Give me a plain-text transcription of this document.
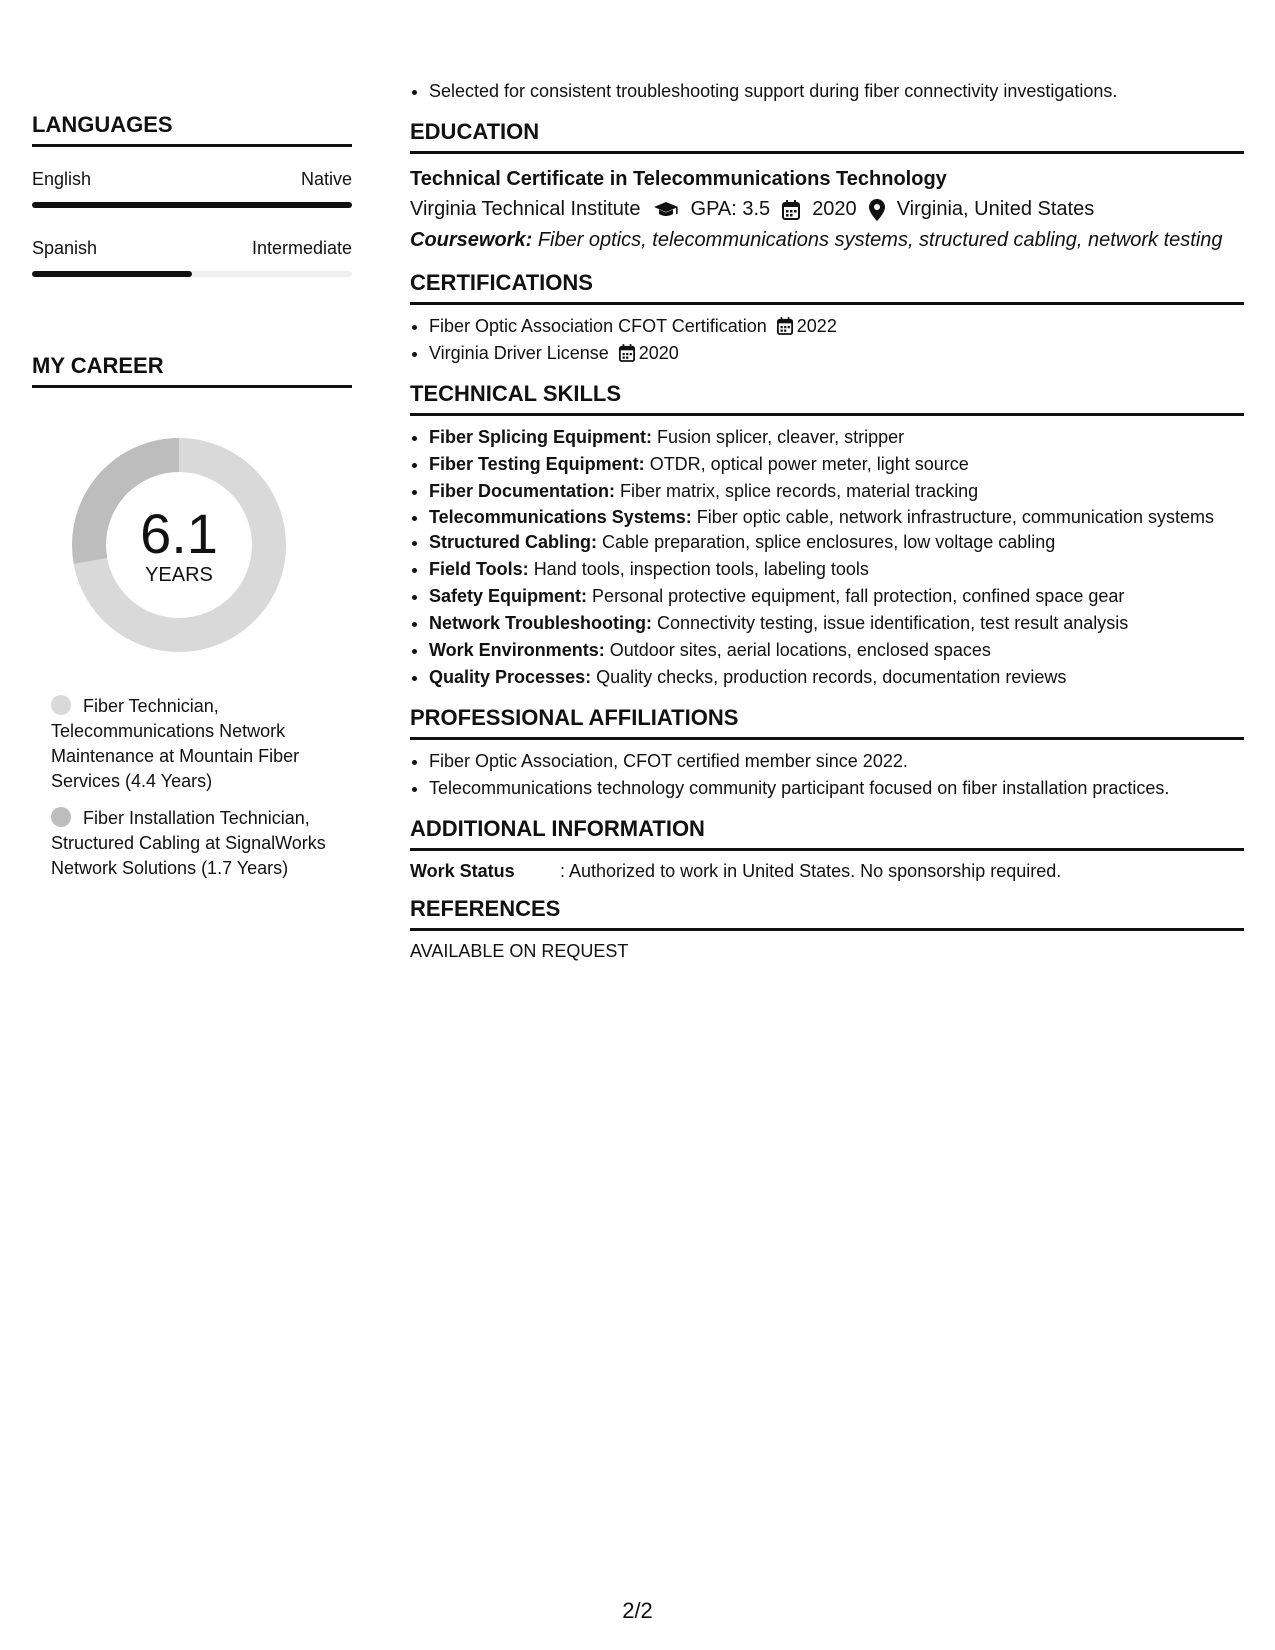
LANGUAGES
English	Native
Spanish	Intermediate
MY CAREER
6.1
YEARS
Fiber Technician, Telecommunications Network Maintenance at Mountain Fiber Services (4.4 Years)
Fiber Installation Technician, Structured Cabling at SignalWorks Network Solutions (1.7 Years)
• Selected for consistent troubleshooting support during fiber connectivity investigations.
EDUCATION
Technical Certificate in Telecommunications Technology
Virginia Technical Institute	GPA: 3.5 2020 Virginia, United States
Coursework: Fiber optics, telecommunications systems, structured cabling, network testing
CERTIFICATIONS
• Fiber Optic Association CFOT Certification 2022
• Virginia Driver License 2020
TECHNICAL SKILLS
• Fiber Splicing Equipment: Fusion splicer, cleaver, stripper
• Fiber Testing Equipment: OTDR, optical power meter, light source
• Fiber Documentation: Fiber matrix, splice records, material tracking
• Telecommunications Systems: Fiber optic cable, network infrastructure, communication systems
• Structured Cabling: Cable preparation, splice enclosures, low voltage cabling
• Field Tools: Hand tools, inspection tools, labeling tools
• Safety Equipment: Personal protective equipment, fall protection, confined space gear
• Network Troubleshooting: Connectivity testing, issue identification, test result analysis
• Work Environments: Outdoor sites, aerial locations, enclosed spaces
• Quality Processes: Quality checks, production records, documentation reviews
PROFESSIONAL AFFILIATIONS
• Fiber Optic Association, CFOT certified member since 2022.
• Telecommunications technology community participant focused on fiber installation practices.
ADDITIONAL INFORMATION
Work Status	: Authorized to work in United States. No sponsorship required.
REFERENCES
AVAILABLE ON REQUEST
2/2
